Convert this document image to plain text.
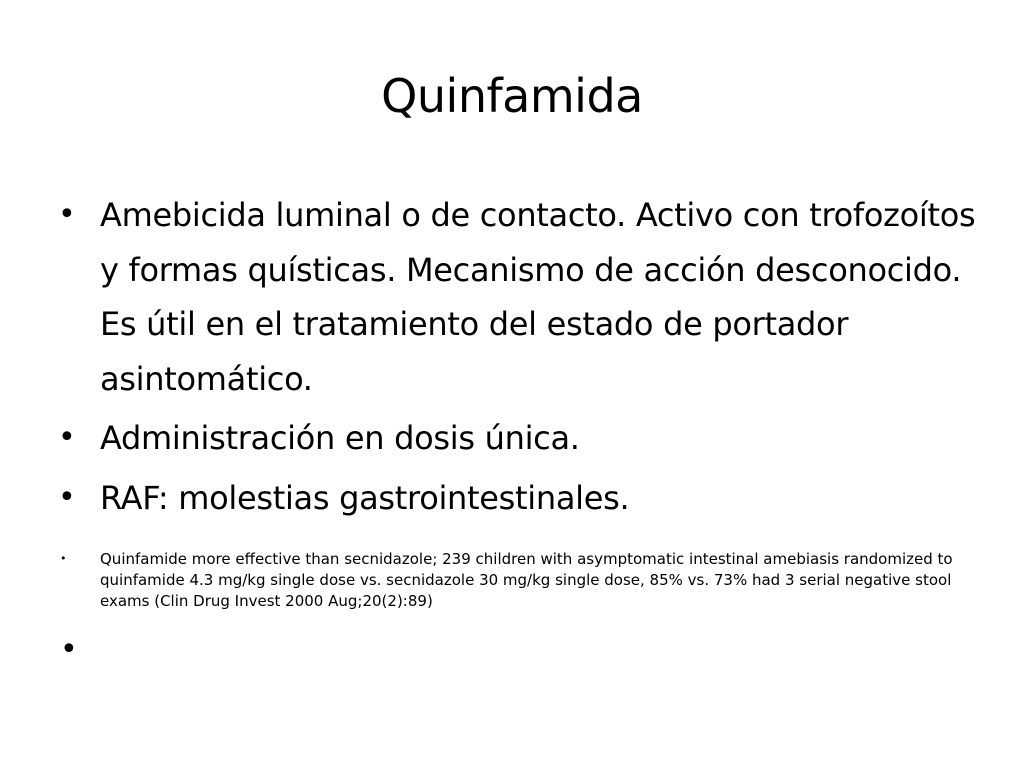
Quinfamida
• Amebicida luminal o de contacto. Activo con trofozoítos y formas quísticas. Mecanismo de acción desconocido. Es útil en el tratamiento del estado de portador asintomático.
• Administración en dosis única.
• RAF: molestias gastrointestinales.
• Quinfamide more effective than secnidazole; 239 children with asymptomatic intestinal amebiasis randomized to quinfamide 4.3 mg/kg single dose vs. secnidazole 30 mg/kg single dose, 85% vs. 73% had 3 serial negative stool exams (Clin Drug Invest 2000 Aug;20(2):89)
•
